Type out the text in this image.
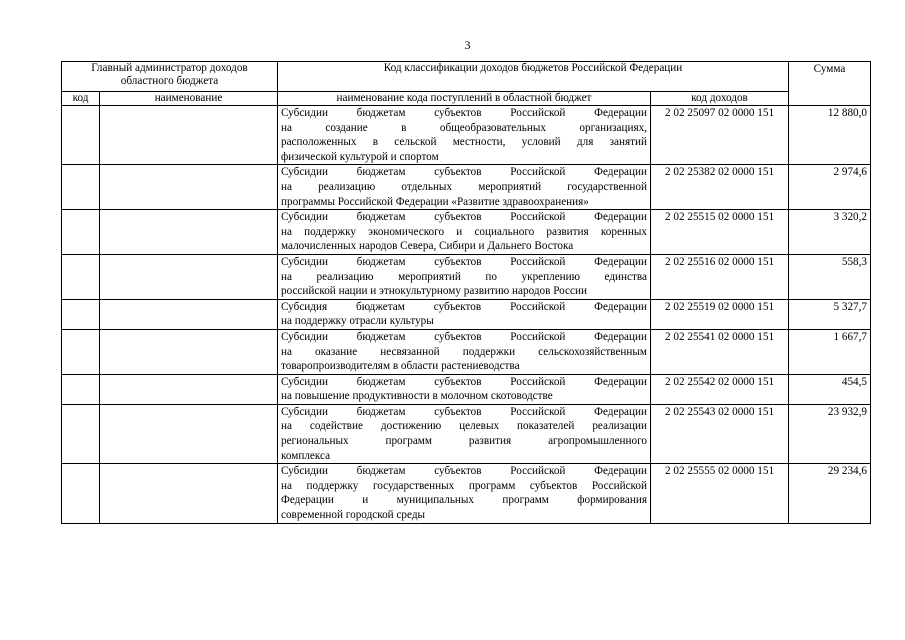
3
Главный администратор доходов областного бюджета		Код классификации доходов бюджетов Российской Федерации		Сумма
код	наименование	наименование кода поступлений в областной бюджет	код доходов	

		Субсидии бюджетам субъектов Российской Федерации
на создание в общеобразовательных организациях,
расположенных в сельской местности, условий для занятий
физической культурой и спортом	2 02 25097 02 0000 151	12 880,0

		Субсидии бюджетам субъектов Российской Федерации
на реализацию отдельных мероприятий государственной
программы Российской Федерации «Развитие здравоохранения»	2 02 25382 02 0000 151	2 974,6

		Субсидии бюджетам субъектов Российской Федерации
на поддержку экономического и социального развития коренных
малочисленных народов Севера, Сибири и Дальнего Востока	2 02 25515 02 0000 151	3 320,2

		Субсидии бюджетам субъектов Российской Федерации
на реализацию мероприятий по укреплению единства
российской нации и этнокультурному развитию народов России	2 02 25516 02 0000 151	558,3

		Субсидия бюджетам субъектов Российской Федерации
на поддержку отрасли культуры	2 02 25519 02 0000 151	5 327,7

		Субсидии бюджетам субъектов Российской Федерации
на оказание несвязанной поддержки сельскохозяйственным
товаропроизводителям в области растениеводства	2 02 25541 02 0000 151	1 667,7

		Субсидии бюджетам субъектов Российской Федерации
на повышение продуктивности в молочном скотоводстве	2 02 25542 02 0000 151	454,5

		Субсидии бюджетам субъектов Российской Федерации
на содействие достижению целевых показателей реализации
региональных программ развития агропромышленного
комплекса	2 02 25543 02 0000 151	23 932,9

		Субсидии бюджетам субъектов Российской Федерации
на поддержку государственных программ субъектов Российской
Федерации и муниципальных программ формирования
современной городской среды	2 02 25555 02 0000 151	29 234,6
